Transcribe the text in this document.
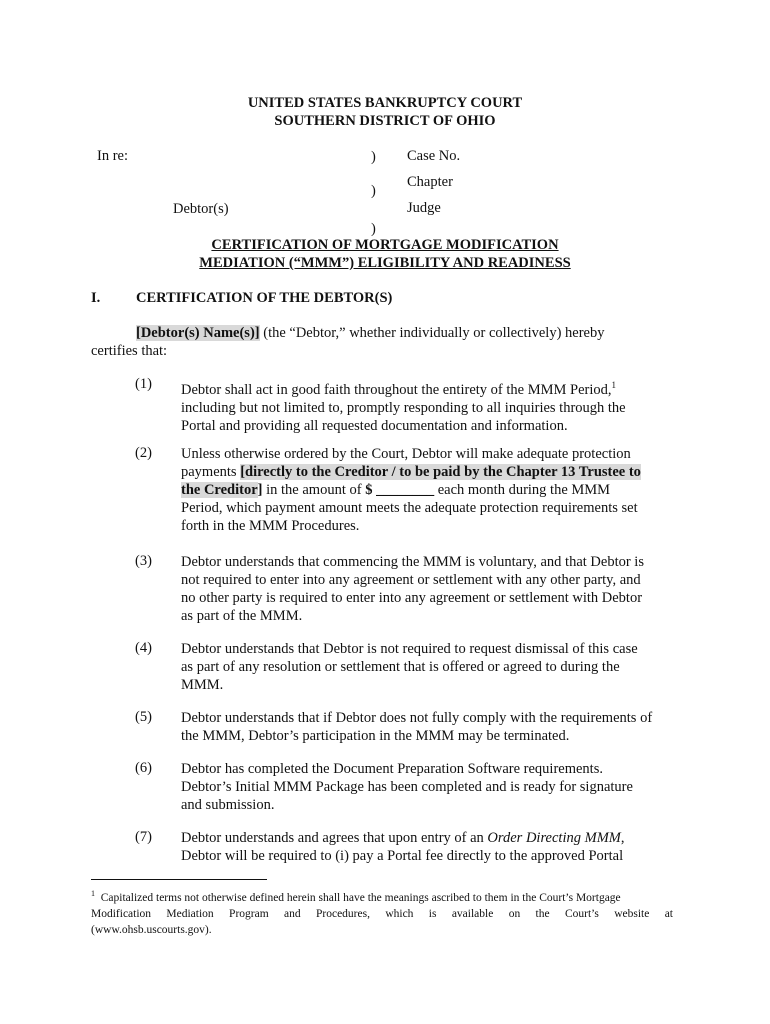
UNITED STATES BANKRUPTCY COURT
SOUTHERN DISTRICT OF OHIO
In re:
Debtor(s)
)
)
)
Case No.
Chapter
Judge
CERTIFICATION OF MORTGAGE MODIFICATION
MEDIATION (“MMM”) ELIGIBILITY AND READINESS
I. CERTIFICATION OF THE DEBTOR(S)
[Debtor(s) Name(s)] (the “Debtor,” whether individually or collectively) hereby
certifies that:
(1) Debtor shall act in good faith throughout the entirety of the MMM Period,$^1$
including but not limited to, promptly responding to all inquiries through the
Portal and providing all requested documentation and information.
(2) Unless otherwise ordered by the Court, Debtor will make adequate protection
payments [directly to the Creditor / to be paid by the Chapter 13 Trustee to
the Creditor] in the amount of $ ________ each month during the MMM
Period, which payment amount meets the adequate protection requirements set
forth in the MMM Procedures.
(3) Debtor understands that commencing the MMM is voluntary, and that Debtor is
not required to enter into any agreement or settlement with any other party, and
no other party is required to enter into any agreement or settlement with Debtor
as part of the MMM.
(4) Debtor understands that Debtor is not required to request dismissal of this case
as part of any resolution or settlement that is offered or agreed to during the
MMM.
(5) Debtor understands that if Debtor does not fully comply with the requirements of
the MMM, Debtor’s participation in the MMM may be terminated.
(6) Debtor has completed the Document Preparation Software requirements.
Debtor’s Initial MMM Package has been completed and is ready for signature
and submission.
(7) Debtor understands and agrees that upon entry of an Order Directing MMM,
Debtor will be required to (i) pay a Portal fee directly to the approved Portal
$^1$ Capitalized terms not otherwise defined herein shall have the meanings ascribed to them in the Court’s Mortgage
Modification Mediation Program and Procedures, which is available on the Court’s website at
(www.ohsb.uscourts.gov).
